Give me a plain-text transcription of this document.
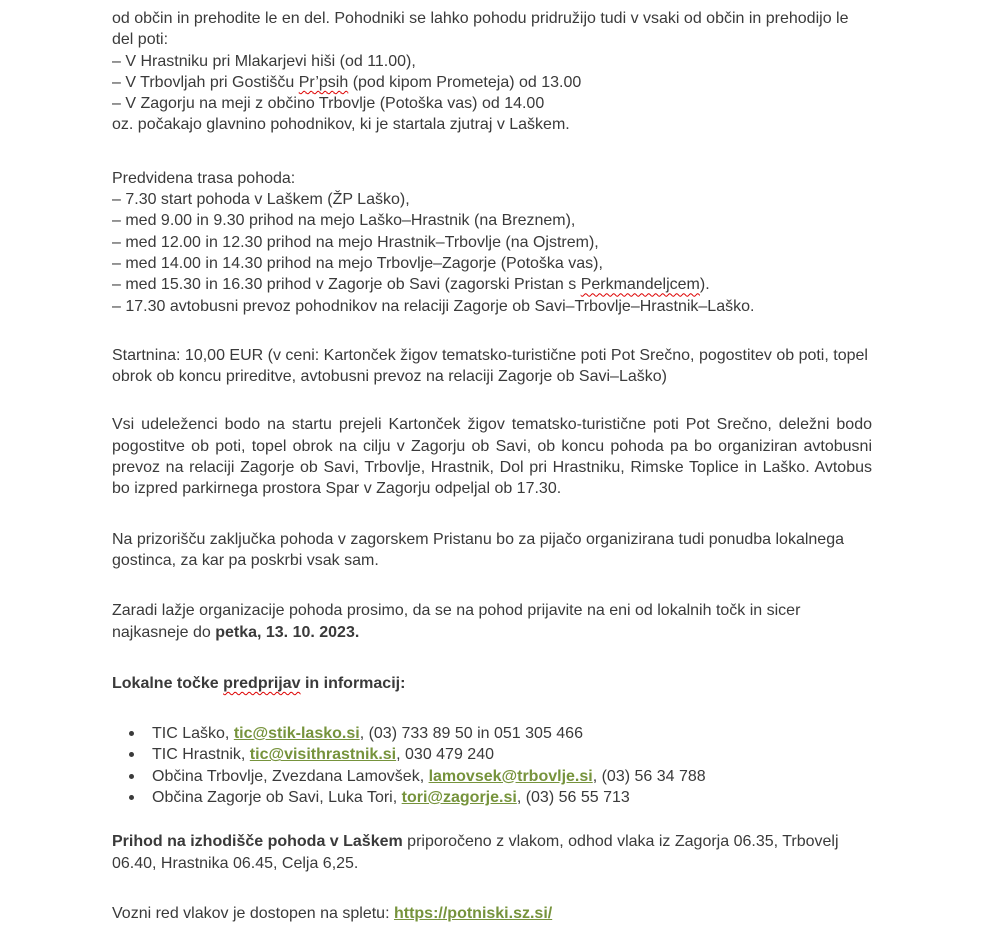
od občin in prehodite le en del. Pohodniki se lahko pohodu pridružijo tudi v vsaki od občin in prehodijo le del poti:
– V Hrastniku pri Mlakarjevi hiši (od 11.00),
– V Trbovljah pri Gostišču Pr’psih (pod kipom Prometeja) od 13.00
– V Zagorju na meji z občino Trbovlje (Potoška vas) od 14.00
oz. počakajo glavnino pohodnikov, ki je startala zjutraj v Laškem.
Predvidena trasa pohoda:
– 7.30 start pohoda v Laškem (ŽP Laško),
– med 9.00 in 9.30 prihod na mejo Laško–Hrastnik (na Breznem),
– med 12.00 in 12.30 prihod na mejo Hrastnik–Trbovlje (na Ojstrem),
– med 14.00 in 14.30 prihod na mejo Trbovlje–Zagorje (Potoška vas),
– med 15.30 in 16.30 prihod v Zagorje ob Savi (zagorski Pristan s Perkmandeljcem).
– 17.30 avtobusni prevoz pohodnikov na relaciji Zagorje ob Savi–Trbovlje–Hrastnik–Laško.
Startnina: 10,00 EUR (v ceni: Kartonček žigov tematsko-turistične poti Pot Srečno, pogostitev ob poti, topel obrok ob koncu prireditve, avtobusni prevoz na relaciji Zagorje ob Savi–Laško)
Vsi udeleženci bodo na startu prejeli Kartonček žigov tematsko-turistične poti Pot Srečno, deležni bodo pogostitve ob poti, topel obrok na cilju v Zagorju ob Savi, ob koncu pohoda pa bo organiziran avtobusni prevoz na relaciji Zagorje ob Savi, Trbovlje, Hrastnik, Dol pri Hrastniku, Rimske Toplice in Laško. Avtobus bo izpred parkirnega prostora Spar v Zagorju odpeljal ob 17.30.
Na prizorišču zaključka pohoda v zagorskem Pristanu bo za pijačo organizirana tudi ponudba lokalnega gostinca, za kar pa poskrbi vsak sam.
Zaradi lažje organizacije pohoda prosimo, da se na pohod prijavite na eni od lokalnih točk in sicer najkasneje do petka, 13. 10. 2023.
Lokalne točke predprijav in informacij:
TIC Laško, tic@stik-lasko.si, (03) 733 89 50 in 051 305 466
TIC Hrastnik, tic@visithrastnik.si, 030 479 240
Občina Trbovlje, Zvezdana Lamovšek, lamovsek@trbovlje.si, (03) 56 34 788
Občina Zagorje ob Savi, Luka Tori, tori@zagorje.si, (03) 56 55 713
Prihod na izhodišče pohoda v Laškem priporočeno z vlakom, odhod vlaka iz Zagorja 06.35, Trbovelj 06.40, Hrastnika 06.45, Celja 6,25.
Vozni red vlakov je dostopen na spletu: https://potniski.sz.si/
